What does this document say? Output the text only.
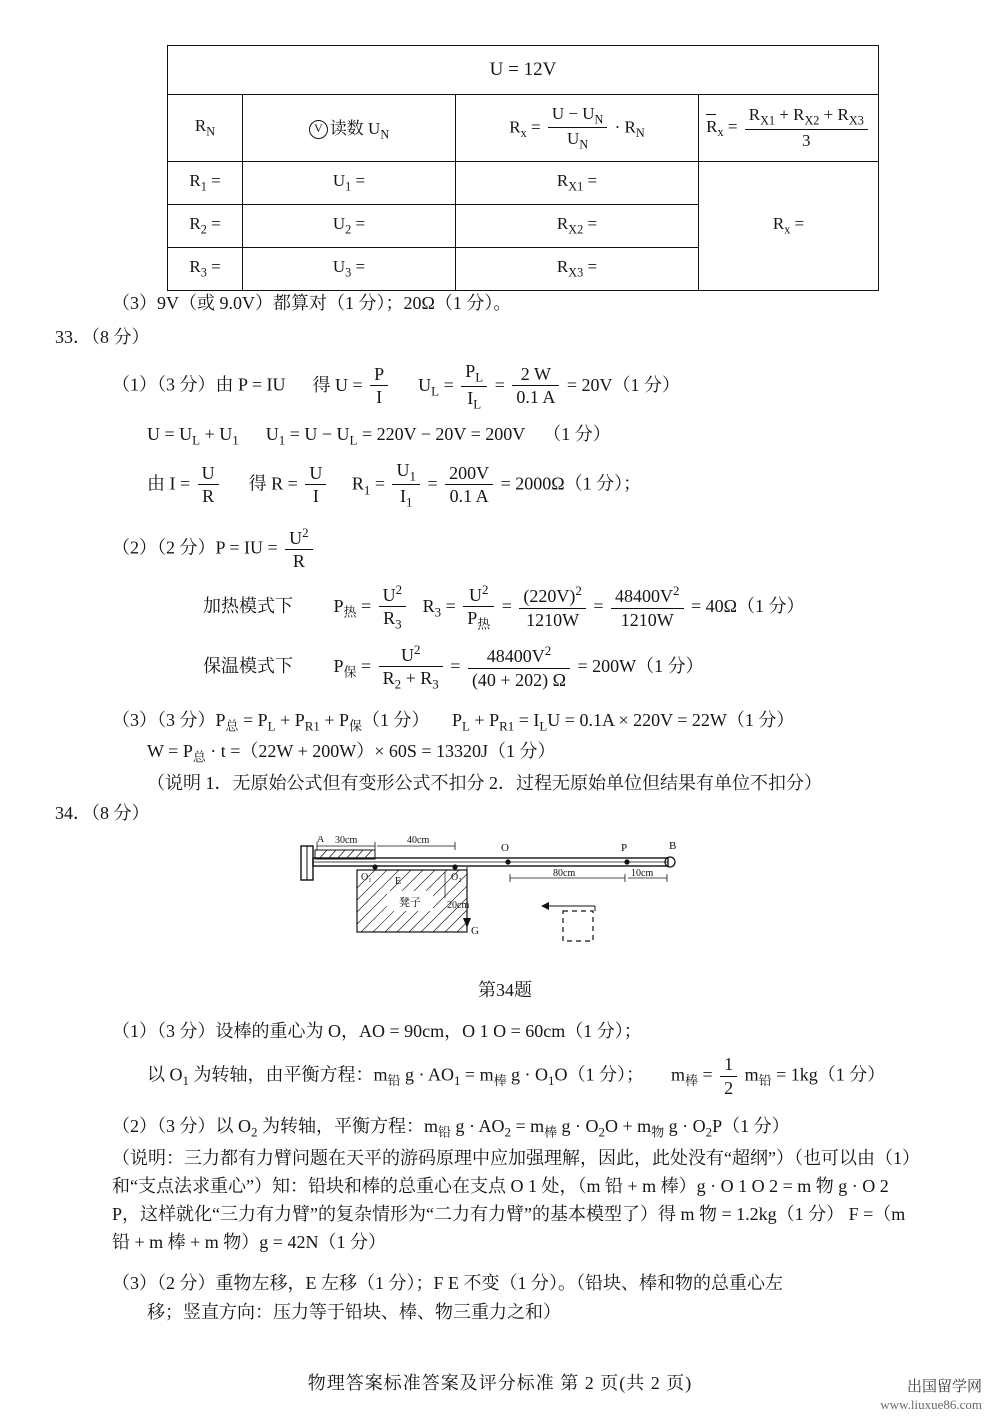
U = 12V			
$R_N$	V 读数 $U_N$	$R_x = \frac{U - U_N}{U_N} \cdot R_N$	$R_x = \frac{R_{X1} + R_{X2} + R_{X3}}{3}$

$R_1$ =	$U_1$ =	$R_{X1}$ =	$R_x$ =
$R_2$ =	$U_2$ =	$R_{X2}$ =	
$R_3$ =	$U_3$ =	$R_{X3}$ =	
（3）9V（或 9.0V）都算对（1 分）；20Ω（1 分）。
33．（8 分）
（1）（3 分）由 P = IU 得 $U = \frac{P}{I} U_L = \frac{P_L}{I_L} = \frac{2 W}{0.1 A} = 20V(1$ 分）
$U = U_L + U_1$      $U_1 = U - U_L = 220V - 20V = 200V$    （1 分）
由 $I = \frac{U}{R}$ 得 $R = \frac{U}{I} R_1 = \frac{U_1}{I_1} = \frac{200V}{0.1 A} = 2000\Omega(1$ 分）；
（2）（2 分）P = IU = $\frac{U^2}{R}$
加热模式下         $P_热 = \frac{U^2}{R_3} R_3 = \frac{U^2}{P_热} = \frac{(220V)^2}{1210W} = \frac{48400V^2}{1210W} = 40\Omega(1$ 分）
保温模式下         $P_保 = \frac{U^2}{R_2 + R_3} = \frac{48400V^2}{(40 + 202) \Omega} = 200W(1$ 分）
（3）（3 分）$P_总 = P_L + P_{R1} + P_保(1$ 分）     $P_L + P_{R1} = I_LU = 0.1A \times 220V = 22W(1$ 分）
$W = P_总 \cdot t =(22W + 200W)\times 60S = 13320J(1$ 分）
（说明 1．无原始公式但有变形公式不扣分 2．过程无原始单位但结果有单位不扣分）
34．（8 分）
凳子
A 30cm	40cm
O	P	B
O₁	O₂
E
80cm	10cm
20cm
G
第34题
（1）（3 分）设棒的重心为 O，AO = 90cm，O 1 O = 60cm（1 分）；
以 $O_1$ 为转轴，由平衡方程：$m_铅$ $g \cdot AO_1 = m_棒$ $g \cdot O_1O(1$ 分）；      $m_棒 = \frac{1}{2} m_铅 = 1kg(1$ 分）
（2）（3 分）以 $O_2$ 为转轴，平衡方程：$m_铅$ $g \cdot AO_2 = m_棒$ $g \cdot O_2O + m_物$ $g \cdot O_2P(1$ 分）
（说明：三力都有力臂问题在天平的游码原理中应加强理解，因此，此处没有“超纲”）（也可以由（1）和“支点法求重心”）知：铅块和棒的总重心在支点 O 1 处，（m 铅 + m 棒）g · O 1 O 2 = m 物 g · O 2 P，这样就化“三力有力臂”的复杂情形为“二力有力臂”的基本模型了）得 m 物 = 1.2kg（1 分） F =（m 铅 + m 棒 + m 物）g = 42N（1 分）
（3）（2 分）重物左移，E 左移（1 分）；F E 不变（1 分）。（铅块、棒和物的总重心左
移；竖直方向：压力等于铅块、棒、物三重力之和）
物理答案标准答案及评分标准 第 2 页(共 2 页)	出国留学网
www.liuxue86.com
